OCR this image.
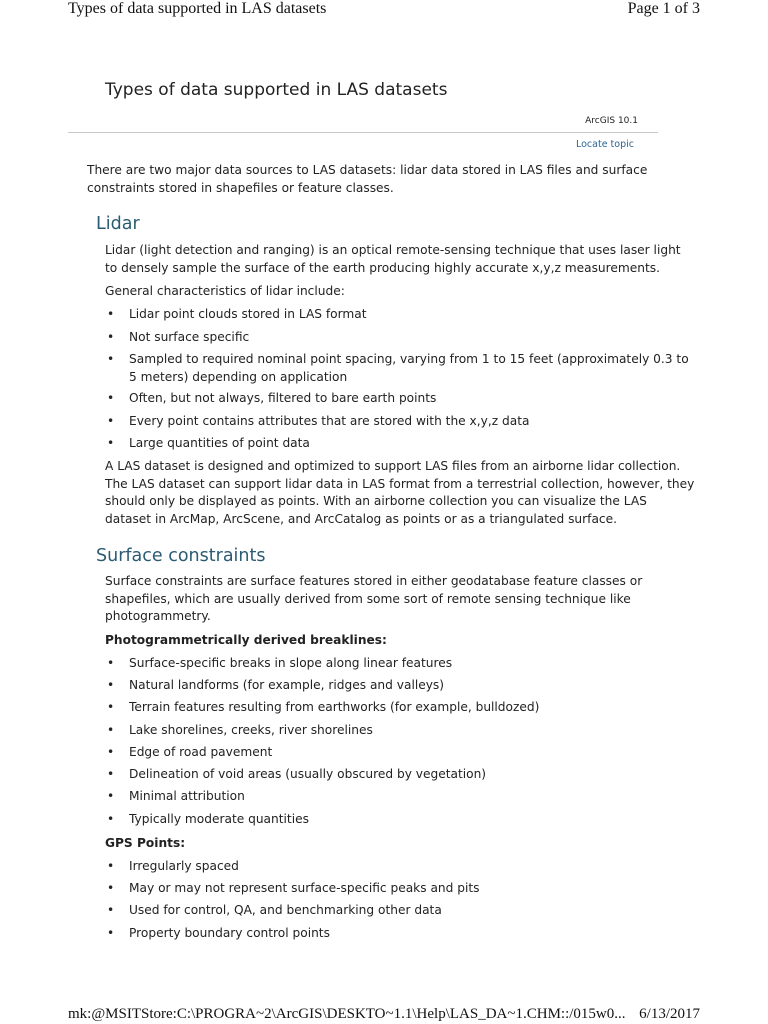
Types of data supported in LAS datasets	Page 1 of 3
Types of data supported in LAS datasets
ArcGIS 10.1
Locate topic
There are two major data sources to LAS datasets: lidar data stored in LAS files and surface constraints stored in shapefiles or feature classes.
Lidar
Lidar (light detection and ranging) is an optical remote-sensing technique that uses laser light to densely sample the surface of the earth producing highly accurate x,y,z measurements.
General characteristics of lidar include:
• Lidar point clouds stored in LAS format
• Not surface specific
• Sampled to required nominal point spacing, varying from 1 to 15 feet (approximately 0.3 to 5 meters) depending on application
• Often, but not always, filtered to bare earth points
• Every point contains attributes that are stored with the x,y,z data
• Large quantities of point data
A LAS dataset is designed and optimized to support LAS files from an airborne lidar collection. The LAS dataset can support lidar data in LAS format from a terrestrial collection, however, they should only be displayed as points. With an airborne collection you can visualize the LAS dataset in ArcMap, ArcScene, and ArcCatalog as points or as a triangulated surface.
Surface constraints
Surface constraints are surface features stored in either geodatabase feature classes or shapefiles, which are usually derived from some sort of remote sensing technique like photogrammetry.
Photogrammetrically derived breaklines:
• Surface-specific breaks in slope along linear features
• Natural landforms (for example, ridges and valleys)
• Terrain features resulting from earthworks (for example, bulldozed)
• Lake shorelines, creeks, river shorelines
• Edge of road pavement
• Delineation of void areas (usually obscured by vegetation)
• Minimal attribution
• Typically moderate quantities
GPS Points:
• Irregularly spaced
• May or may not represent surface-specific peaks and pits
• Used for control, QA, and benchmarking other data
• Property boundary control points
mk:@MSITStore:C:\PROGRA~2\ArcGIS\DESKTO~1.1\Help\LAS_DA~1.CHM::/015w0... 6/13/2017
